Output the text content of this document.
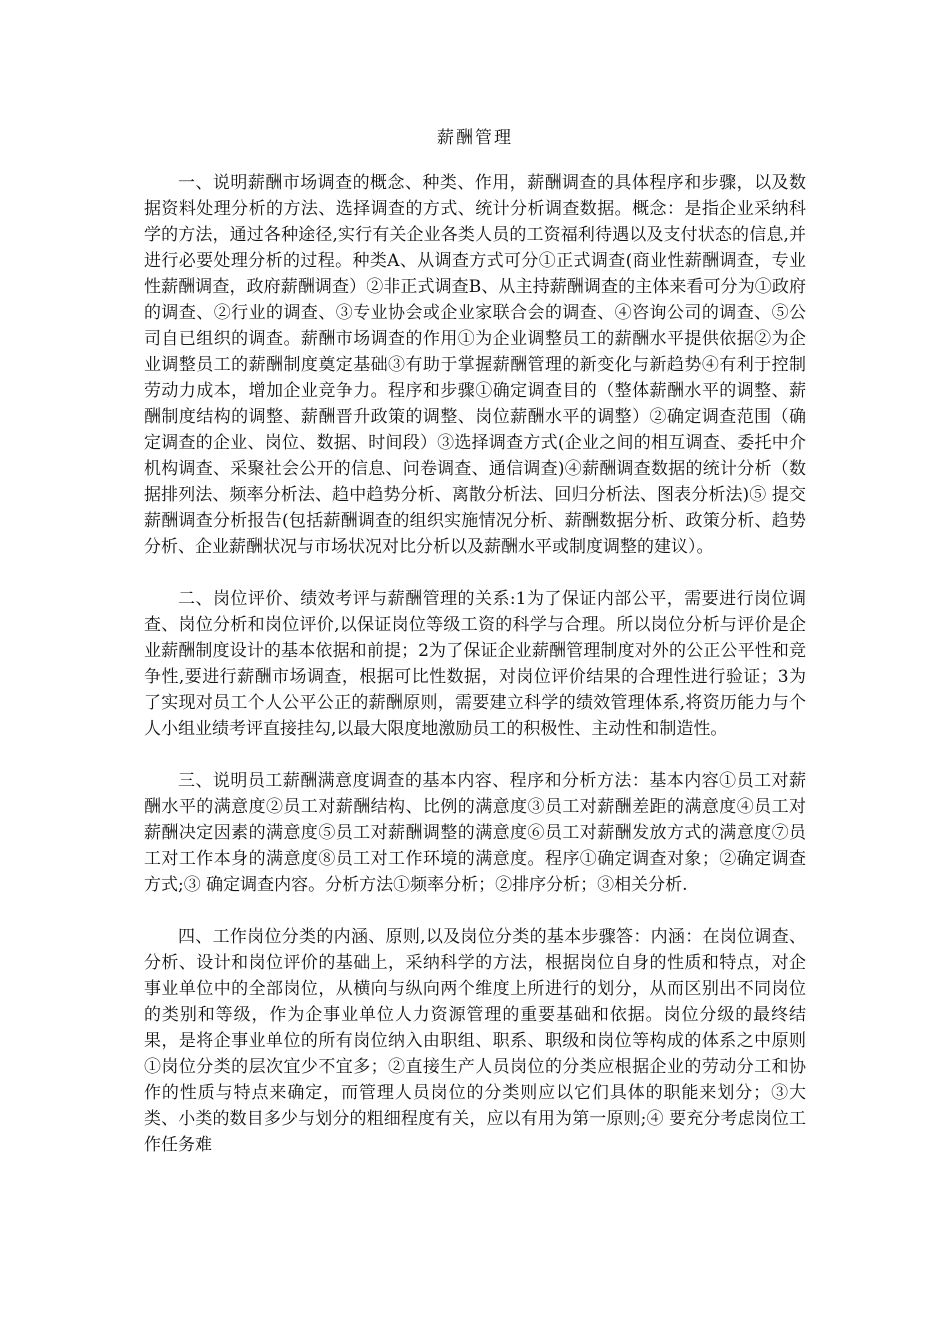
薪酬管理

一、说明薪酬市场调查的概念、种类、作用，薪酬调查的具体程序和步骤，以及数据资料处理分析的方法、选择调查的方式、统计分析调查数据。概念：是指企业采纳科学的方法，通过各种途径,实行有关企业各类人员的工资福利待遇以及支付状态的信息,并进行必要处理分析的过程。种类A、从调查方式可分①正式调查(商业性薪酬调查，专业性薪酬调查，政府薪酬调查）②非正式调查B、从主持薪酬调查的主体来看可分为①政府的调查、②行业的调查、③专业协会或企业家联合会的调查、④咨询公司的调查、⑤公司自已组织的调查。薪酬市场调查的作用①为企业调整员工的薪酬水平提供依据②为企业调整员工的薪酬制度奠定基础③有助于掌握薪酬管理的新变化与新趋势④有利于控制劳动力成本，增加企业竞争力。程序和步骤①确定调查目的（整体薪酬水平的调整、薪酬制度结构的调整、薪酬晋升政策的调整、岗位薪酬水平的调整）②确定调查范围（确定调查的企业、岗位、数据、时间段）③选择调查方式(企业之间的相互调查、委托中介机构调查、采聚社会公开的信息、问卷调查、通信调查)④薪酬调查数据的统计分析（数据排列法、频率分析法、趋中趋势分析、离散分析法、回归分析法、图表分析法)⑤ 提交薪酬调查分析报告(包括薪酬调查的组织实施情况分析、薪酬数据分析、政策分析、趋势分析、企业薪酬状况与市场状况对比分析以及薪酬水平或制度调整的建议）。

二、岗位评价、绩效考评与薪酬管理的关系:1为了保证内部公平，需要进行岗位调查、岗位分析和岗位评价,以保证岗位等级工资的科学与合理。所以岗位分析与评价是企业薪酬制度设计的基本依据和前提；2为了保证企业薪酬管理制度对外的公正公平性和竞争性,要进行薪酬市场调查，根据可比性数据，对岗位评价结果的合理性进行验证；3为了实现对员工个人公平公正的薪酬原则，需要建立科学的绩效管理体系,将资历能力与个人小组业绩考评直接挂勾,以最大限度地激励员工的积极性、主动性和制造性。

三、说明员工薪酬满意度调查的基本内容、程序和分析方法：基本内容①员工对薪酬水平的满意度②员工对薪酬结构、比例的满意度③员工对薪酬差距的满意度④员工对薪酬决定因素的满意度⑤员工对薪酬调整的满意度⑥员工对薪酬发放方式的满意度⑦员工对工作本身的满意度⑧员工对工作环境的满意度。程序①确定调查对象；②确定调查方式;③ 确定调查内容。分析方法①频率分析；②排序分析；③相关分析.

四、工作岗位分类的内涵、原则,以及岗位分类的基本步骤答：内涵：在岗位调查、分析、设计和岗位评价的基础上，采纳科学的方法，根据岗位自身的性质和特点，对企事业单位中的全部岗位，从横向与纵向两个维度上所进行的划分，从而区别出不同岗位的类别和等级，作为企事业单位人力资源管理的重要基础和依据。岗位分级的最终结果，是将企事业单位的所有岗位纳入由职组、职系、职级和岗位等构成的体系之中原则①岗位分类的层次宜少不宜多；②直接生产人员岗位的分类应根据企业的劳动分工和协作的性质与特点来确定，而管理人员岗位的分类则应以它们具体的职能来划分；③大类、小类的数目多少与划分的粗细程度有关，应以有用为第一原则;④ 要充分考虑岗位工作任务难
